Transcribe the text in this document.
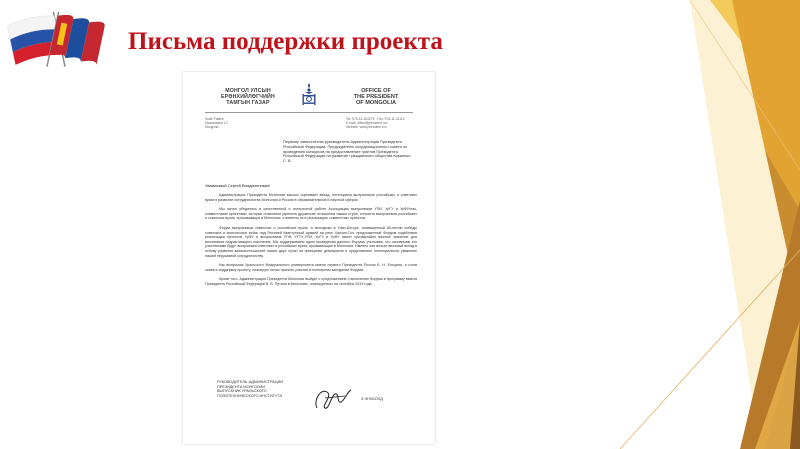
Письма поддержки проекта
МОНГОЛ УЛСЫН
ЕРӨНХИЙЛӨГЧИЙН
ТАМГЫН ГАЗАР
OFFICE OF
THE PRESIDENT
OF MONGOLIA
State Palace
Ulaanbaatar 12
Mongolia
Tel: 976-51-264275 · Fax: 976-11-31113
E-mail: office@president.mn
Website: www.president.mn
Первому заместителю руководителя Администрации Президента Российской Федерации, Председателю координационного совета по проведению конкурсов на предоставление грантов Президента Российской Федерации на развитие гражданского общества Кириенко С. В.
Уважаемый Сергей Владиленович!

Администрация Президента Монголии высоко оценивает вклад, потенциала выпускников российских и советских вузов в развитие сотрудничества Монголии и России в образовательной и научной сферах.

Мы лично убедились в качественной и интересной работе Ассоциации выпускников УПИ, УрГУ и УрФУ/нас, совместными проектами, которые позволили укрепить дружеские отношения наших стран, сплотить выпускников российских и советских вузов, проживающих в Монголии, и вовлечь их в реализацию совместных проектов.

Форум выпускников советских и российских вузов, и молодежи в Улан-Баторе, посвященный 80-летию победы советских и монгольских войск над Японией Квантунской армией на реке Халхин-Гол, предложенный Фондом содействия реализации проектов УрФУ и выпускников УПИ, УГТУ-УПИ, УрГУ и УрФУ имеет чрезвычайно важное значение для воспитания подрастающего поколения. Мы поддерживаем идею проведения данного Форума, учитывая, что основными его участниками будут выпускники советских и российских вузов, проживающие в Монголии. Именно они вносят весомый вклад в основу развития взаимоотношений наших двух стран на принципах демократии и представляют потенциальное уважение нашей нерушимой сотрудничеству.

Как выпускник Уральского Федерального университета имени первого Президента России Б. Н. Ельцина, я готов оказать поддержку проекту, планирую лично принять участие в пленарном заседании Форума.

Кроме того, Администрация Президента Монголии выйдет с предложением о включении Форума в программу визита Президента Российской Федерации В. В. Путина в Монголию, планируемого на сентябрь 2019 года.

РУКОВОДИТЕЛЬ АДМИНИСТРАЦИИ
ПРЕЗИДЕНТА МОНГОЛИИ
ВЫПУСКНИК УРАЛЬСКОГО
ПОЛИТЕХНИЧЕСКОГО ИНСТИТУТА
З.ЭНХБОЛД
